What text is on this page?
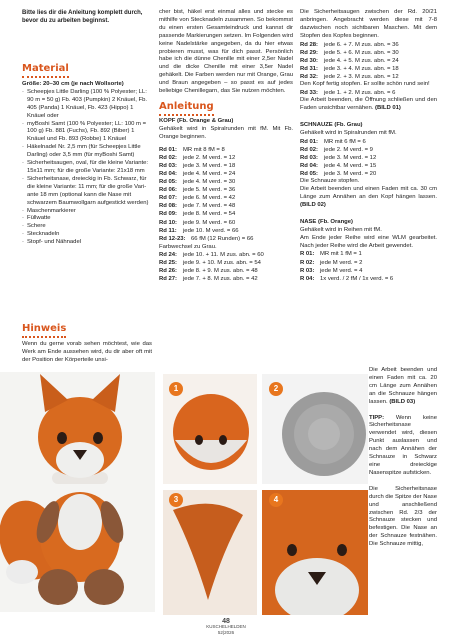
Bitte lies dir die Anleitung komplett durch, bevor du zu arbeiten beginnst.
Material
Größe: 20–30 cm (je nach Wollsorte)
· Scheepjes Little Darling (100 % Polyester; LL: 90 m = 50 g) Fb. 403 (Pumpkin) 2 Knäuel, Fb. 405 (Panda) 1 Knäuel, Fb. 423 (Hippo) 1 Knäuel oder
· myBoshi Samt (100 % Polyester; LL: 100 m = 100 g) Fb. 881 (Fuchs), Fb. 892 (Biber) 1 Knäuel und Fb. 893 (Robbe) 1 Knäuel
· Häkelnadel Nr. 2,5 mm (für Scheepjes Little Darling) oder 3,5 mm (für myBoshi Samt)
· Sicherheitsaugen, oval, für die kleine Variante: 15x11 mm; für die große Variante: 21x18 mm
· Sicherheitsnase, dreieckig in Fb. Schwarz, für die kleine Variante: 11 mm; für die große Vari-ante 18 mm (optional kann die Nase mit schwarzem Baumwollgarn aufgestickt werden)
· Maschenmarkierer
· Füllwatte
· Schere
· Stecknadeln
· Stopf- und Nähnadel
Hinweis
Wenn du gerne vorab sehen möchtest, wie das Werk am Ende aussehen wird, du dir aber oft mit der Position der Körperteile unsi-
cher bist, häkel erst einmal alles und stecke es mithilfe von Stecknadeln zusammen. So bekommst du einen ersten Gesamteindruck und kannst dir passende Markierungen setzen. Im Folgenden wird keine Nadelstärke angegeben, da du hier etwas probieren musst, was für dich passt. Persönlich habe ich die dünne Chenille mit einer 2,5er Nadel und die dicke Chenille mit einer 3,5er Nadel gehäkelt. Die Farben werden nur mit Orange, Grau und Braun angegeben – so passt es auf jedes beliebige Chenillegarn, das Sie nutzen möchten.
Anleitung
KOPF (Fb. Orange & Grau)
Gehäkelt wird in Spiralrunden mit fM. Mit Fb. Orange beginnen.
Rd 01: MR mit 8 fM = 8
Rd 02: jede 2. M verd. = 12
Rd 03: jede 3. M verd. = 18
Rd 04: jede 4. M verd. = 24
Rd 05: jede 4. M verd. = 30
Rd 06: jede 5. M verd. = 36
Rd 07: jede 6. M verd. = 42
Rd 08: jede 7. M verd. = 48
Rd 09: jede 8. M verd. = 54
Rd 10: jede 9. M verd. = 60
Rd 11: jede 10. M verd. = 66
Rd 12-23: 66 fM (12 Runden) = 66
Farbwechsel zu Grau.
Rd 24: jede 10. + 11. M zus. abn. = 60
Rd 25: jede 9. + 10. M zus. abn. = 54
Rd 26: jede 8. + 9. M zus. abn. = 48
Rd 27: jede 7. + 8. M zus. abn. = 42
Die Sicherheitsaugen zwischen der Rd. 20/21 anbringen. Angebracht werden diese mit 7-8 dazwischen noch sichtbaren Maschen. Mit dem Stopfen des Kopfes beginnen.
Rd 28: jede 6. + 7. M zus. abn. = 36
Rd 29: jede 5. + 6. M zus. abn. = 30
Rd 30: jede 4. + 5. M zus. abn. = 24
Rd 31: jede 3. + 4. M zus. abn. = 18
Rd 32: jede 2. + 3. M zus. abn. = 12
Den Kopf fertig stopfen. Er sollte schön rund sein!
Rd 33: jede 1. + 2. M zus. abn. = 6
Die Arbeit beenden, die Öffnung schließen und den Faden unsichtbar vernähen. (BILD 01)
SCHNAUZE (Fb. Grau)
Gehäkelt wird in Spiralrunden mit fM.
Rd 01: MR mit 6 fM = 6
Rd 02: jede 2. M verd. = 9
Rd 03: jede 3. M verd. = 12
Rd 04: jede 4. M verd. = 15
Rd 05: jede 3. M verd. = 20
Die Schnauze stopfen.
Die Arbeit beenden und einen Faden mit ca. 30 cm Länge zum Annähen an den Kopf hängen lassen. (BILD 02)
NASE (Fb. Orange)
Gehäkelt wird in Reihen mit fM.
Am Ende jeder Reihe wird eine WLM gearbeitet. Nach jeder Reihe wird die Arbeit gewendet.
R 01: MR mit 1 fM = 1
R 02: jede M verd. = 2
R 03: jede M verd. = 4
R 04: 1x verd. / 2 fM / 1x verd. = 6
Die Arbeit beenden und einen Faden mit ca. 20 cm Länge zum Annähen an die Schnauze hängen lassen. (BILD 03)
TIPP: Wenn keine Sicherheitsnase verwendet wird, diesen Punkt auslassen und nach dem Annähen der Schnauze in Schwarz eine dreieckige Nasenspitze aufsticken.
Die Sicherheitsnase durch die Spitze der Nase und anschließend zwischen Rd. 2/3 der Schnauze stecken und befestigen. Die Nase an der Schnauze festnähen. Die Schnauze mittig,
1	2
3	4
48
KUSCHELHELDEN
52|2026
